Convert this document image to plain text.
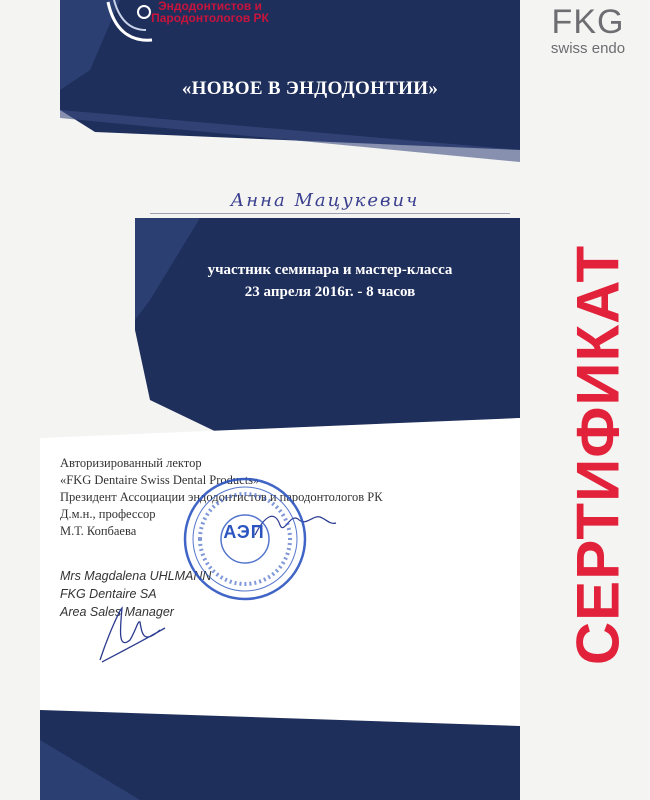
Эндодонтистов и
Пародонтологов РК	FKG
swiss endo
«НОВОЕ В ЭНДОДОНТИИ»
Анна Мацукевич
участник семинара и мастер-класса
23 апреля 2016г. - 8 часов
Авторизированный лектор
«FKG Dentaire Swiss Dental Products»
Президент Ассоциации эндодонтистов и пародонтологов РК
Д.м.н., профессор
М.Т. Копбаева
Mrs Magdalena UHLMANN
FKG Dentaire SA
Area Sales Manager
АЭП	СЕРТИФИКАТ
